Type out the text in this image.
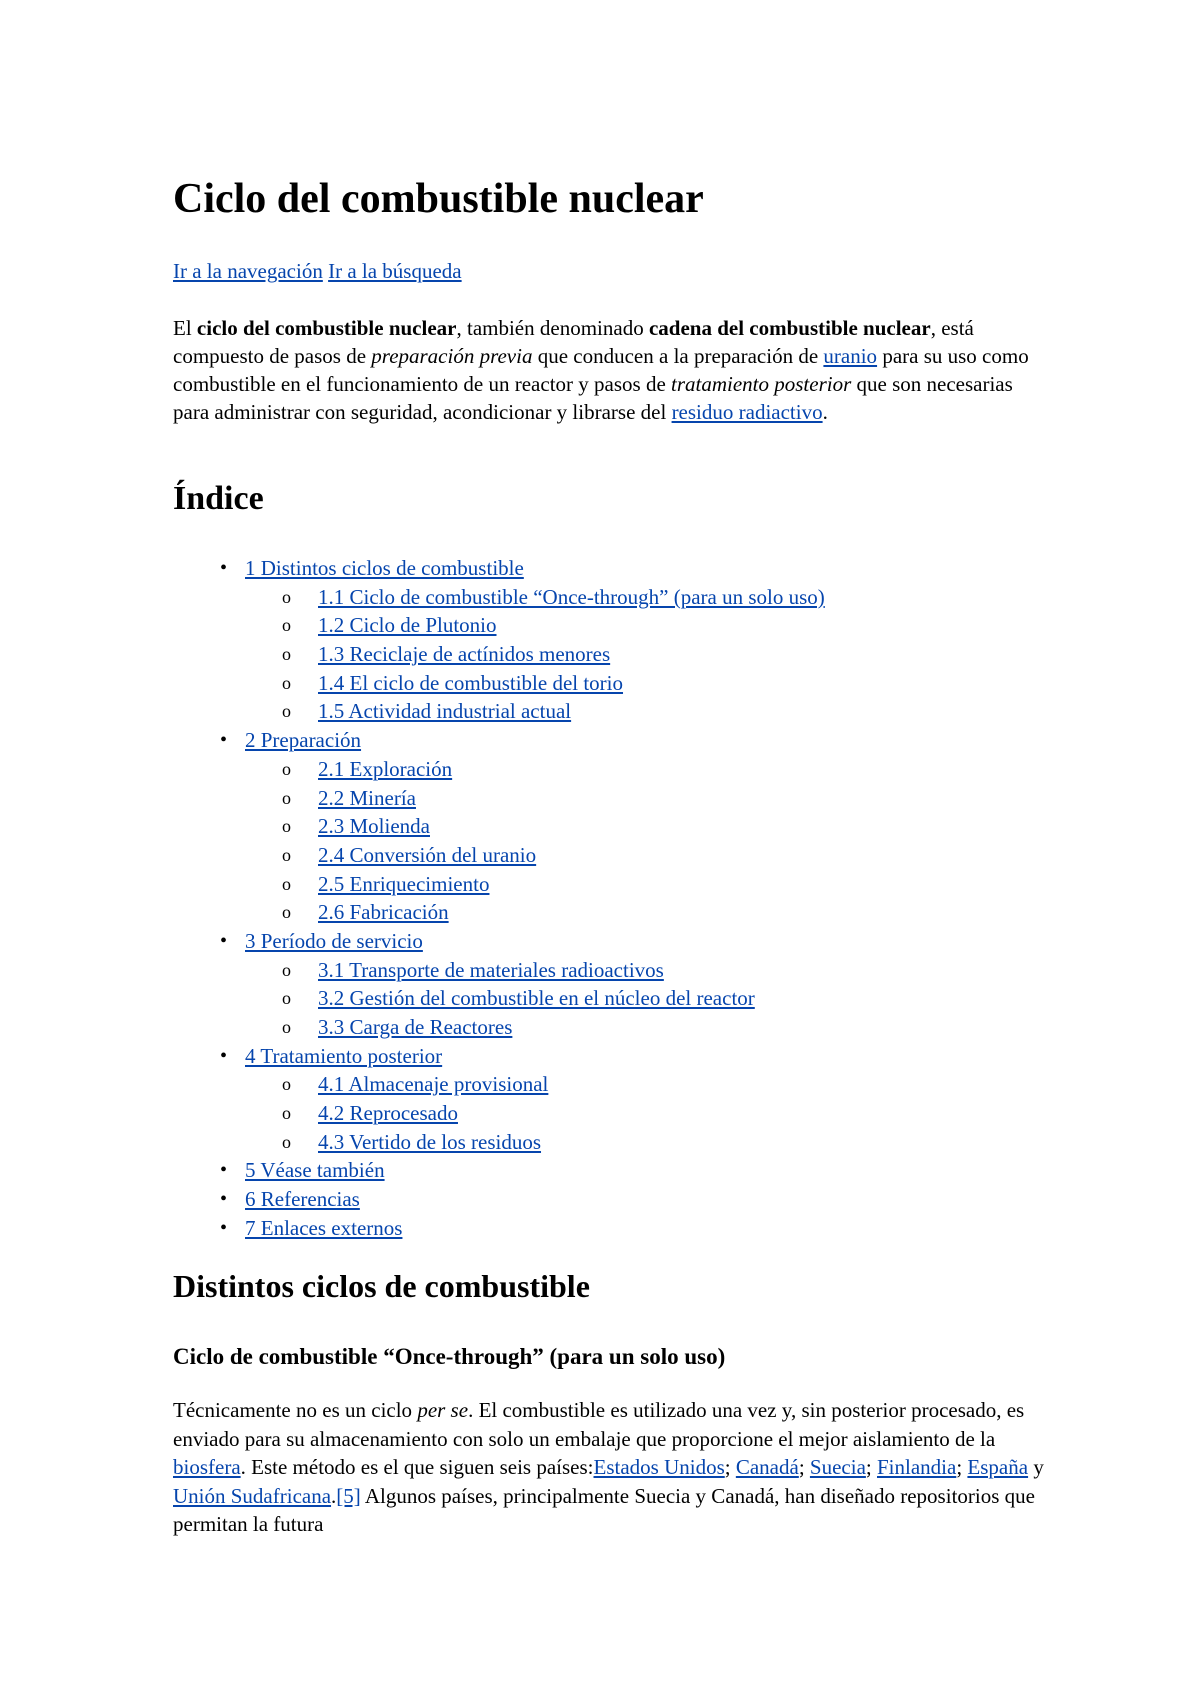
Ciclo del combustible nuclear
Ir a la navegación Ir a la búsqueda

El ciclo del combustible nuclear, también denominado cadena del combustible nuclear, está compuesto de pasos de preparación previa que conducen a la preparación de uranio para su uso como combustible en el funcionamiento de un reactor y pasos de tratamiento posterior que son necesarias para administrar con seguridad, acondicionar y librarse del residuo radiactivo.

Índice
• 1 Distintos ciclos de combustible
o 1.1 Ciclo de combustible “Once-through” (para un solo uso)
o 1.2 Ciclo de Plutonio
o 1.3 Reciclaje de actínidos menores
o 1.4 El ciclo de combustible del torio
o 1.5 Actividad industrial actual
• 2 Preparación
o 2.1 Exploración
o 2.2 Minería
o 2.3 Molienda
o 2.4 Conversión del uranio
o 2.5 Enriquecimiento
o 2.6 Fabricación
• 3 Período de servicio
o 3.1 Transporte de materiales radioactivos
o 3.2 Gestión del combustible en el núcleo del reactor
o 3.3 Carga de Reactores
• 4 Tratamiento posterior
o 4.1 Almacenaje provisional
o 4.2 Reprocesado
o 4.3 Vertido de los residuos
• 5 Véase también
• 6 Referencias
• 7 Enlaces externos
Distintos ciclos de combustible
Ciclo de combustible “Once-through” (para un solo uso)

Técnicamente no es un ciclo per se. El combustible es utilizado una vez y, sin posterior procesado, es enviado para su almacenamiento con solo un embalaje que proporcione el mejor aislamiento de la biosfera. Este método es el que siguen seis países:Estados Unidos; Canadá; Suecia; Finlandia; España y Unión Sudafricana.[5] Algunos países, principalmente Suecia y Canadá, han diseñado repositorios que permitan la futura
